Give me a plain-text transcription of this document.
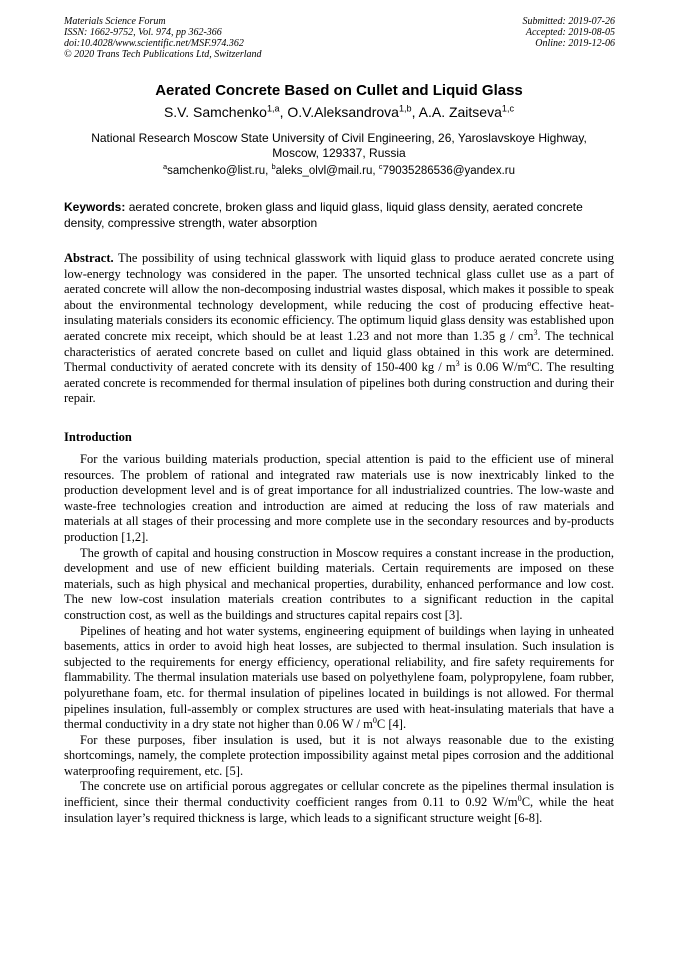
Materials Science Forum
ISSN: 1662-9752, Vol. 974, pp 362-366
doi:10.4028/www.scientific.net/MSF.974.362
© 2020 Trans Tech Publications Ltd, Switzerland
Submitted: 2019-07-26
Accepted: 2019-08-05
Online: 2019-12-06
Aerated Concrete Based on Cullet and Liquid Glass
S.V. Samchenko$^{1,a}$, O.V.Aleksandrova$^{1,b}$, A.A. Zaitseva$^{1,c}$
National Research Moscow State University of Civil Engineering, 26, Yaroslavskoye Highway, Moscow, 129337, Russia
$^a$samchenko@list.ru, $^b$aleks_olvl@mail.ru, $^c$79035286536@yandex.ru
Keywords: aerated concrete, broken glass and liquid glass, liquid glass density, aerated concrete density, compressive strength, water absorption
Abstract. The possibility of using technical glasswork with liquid glass to produce aerated concrete using low-energy technology was considered in the paper. The unsorted technical glass cullet use as a part of aerated concrete will allow the non-decomposing industrial wastes disposal, which makes it possible to speak about the environmental technology development, while reducing the cost of producing effective heat-insulating materials considers its economic efficiency. The optimum liquid glass density was established upon aerated concrete mix receipt, which should be at least 1.23 and not more than 1.35 g / $cm^3$. The technical characteristics of aerated concrete based on cullet and liquid glass obtained in this work are determined. Thermal conductivity of aerated concrete with its density of 150-400 kg / $m^3$ is 0.06 $W/m^oC$. The resulting aerated concrete is recommended for thermal insulation of pipelines both during construction and during their repair.
Introduction

For the various building materials production, special attention is paid to the efficient use of mineral resources. The problem of rational and integrated raw materials use is now inextricably linked to the production development level and is of great importance for all industrialized countries. The low-waste and waste-free technologies creation and introduction are aimed at reducing the loss of raw materials and materials at all stages of their processing and more complete use in the secondary resources and by-products production [1,2].

The growth of capital and housing construction in Moscow requires a constant increase in the production, development and use of new efficient building materials. Certain requirements are imposed on these materials, such as high physical and mechanical properties, durability, enhanced performance and low cost. The new low-cost insulation materials creation contributes to a significant reduction in the capital construction cost, as well as the buildings and structures capital repairs cost [3].

Pipelines of heating and hot water systems, engineering equipment of buildings when laying in unheated basements, attics in order to avoid high heat losses, are subjected to thermal insulation. Such insulation is subjected to the requirements for energy efficiency, operational reliability, and fire safety requirements for flammability. The thermal insulation materials use based on polyethylene foam, polypropylene, foam rubber, polyurethane foam, etc. for thermal insulation of pipelines located in buildings is not allowed. For thermal pipelines insulation, full-assembly or complex structures are used with heat-insulating materials that have a thermal conductivity in a dry state not higher than 0.06 W / $m^0C$ [4].

For these purposes, fiber insulation is used, but it is not always reasonable due to the existing shortcomings, namely, the complete protection impossibility against metal pipes corrosion and the additional waterproofing requirement, etc. [5].

The concrete use on artificial porous aggregates or cellular concrete as the pipelines thermal insulation is inefficient, since their thermal conductivity coefficient ranges from 0.11 to 0.92 $W/m^0C$, while the heat insulation layer’s required thickness is large, which leads to a significant structure weight [6-8].
